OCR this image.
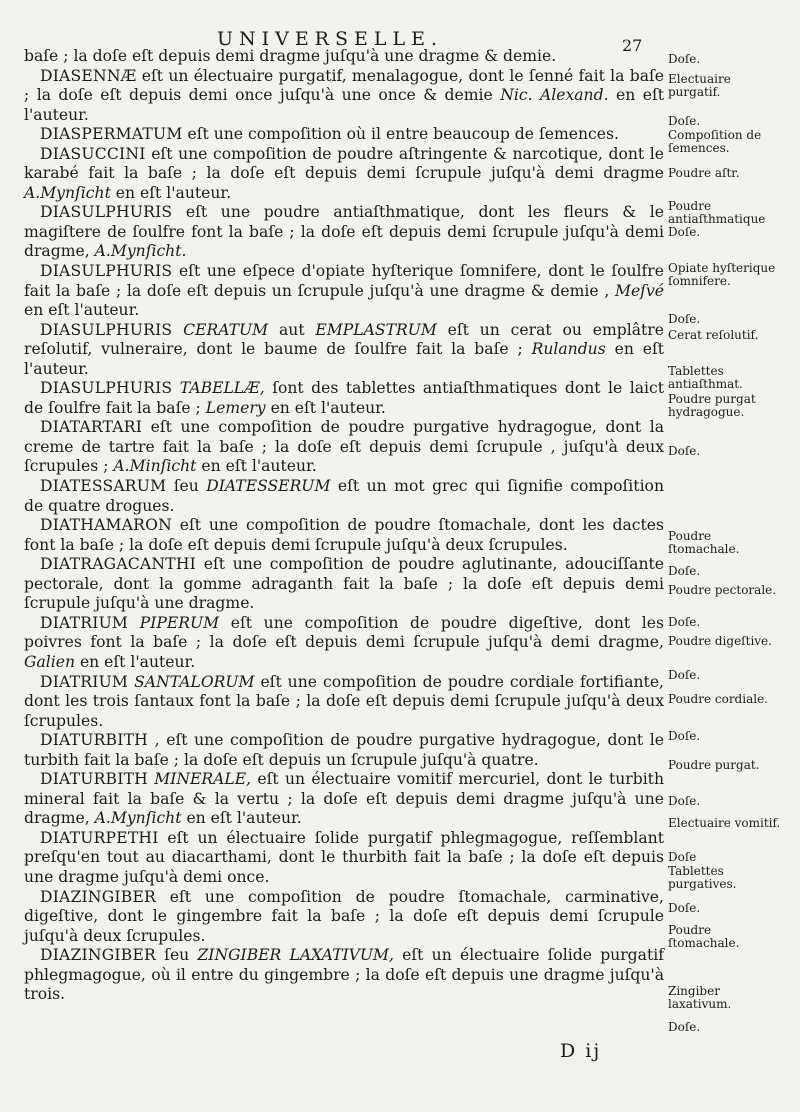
UNIVERSELLE.	27

baſe ; la doſe eſt depuis demi dragme juſqu'à une dragme & demie.

DIASENNÆ eſt un électuaire purgatif, menalagogue, dont le ſenné fait la baſe ; la doſe eſt depuis demi once juſqu'à une once & demie Nic. Alexand. en eſt l'auteur.

DIASPERMATUM eſt une compoſition où il entre beaucoup de ſemences.

DIASUCCINI eſt une compoſition de poudre aſtringente & narcotique, dont le karabé fait la baſe ; la doſe eſt depuis demi ſcrupule juſqu'à demi dragme A.Mynſicht en eſt l'auteur.

DIASULPHURIS eſt une poudre antiaſthmatique, dont les fleurs & le magiſtere de ſoulfre font la baſe ; la doſe eſt depuis demi ſcrupule juſqu'à demi dragme, A.Mynſicht.

DIASULPHURIS eſt une eſpece d'opiate hyſterique ſomnifere, dont le ſoulfre fait la baſe ; la doſe eſt depuis un ſcrupule juſqu'à une dragme & demie , Meſvé en eſt l'auteur.

DIASULPHURIS CERATUM aut EMPLASTRUM eſt un cerat ou emplâtre reſolutif, vulneraire, dont le baume de ſoulfre fait la baſe ; Rulandus en eſt l'auteur.

DIASULPHURIS TABELLÆ, ſont des tablettes antiaſthmatiques dont le laict de ſoulfre fait la baſe ; Lemery en eſt l'auteur.

DIATARTARI eſt une compoſition de poudre purgative hydragogue, dont la creme de tartre fait la baſe ; la doſe eſt depuis demi ſcrupule , juſqu'à deux ſcrupules ; A.Minſicht en eſt l'auteur.

DIATESSARUM ſeu DIATESSERUM eſt un mot grec qui ſignifie compoſition de quatre drogues.

DIATHAMARON eſt une compoſition de poudre ſtomachale, dont les dactes font la baſe ; la doſe eſt depuis demi ſcrupule juſqu'à deux ſcrupules.

DIATRAGACANTHI eſt une compoſition de poudre aglutinante, adouciſſante pectorale, dont la gomme adraganth fait la baſe ; la doſe eſt depuis demi ſcrupule juſqu'à une dragme.

DIATRIUM PIPERUM eſt une compoſition de poudre digeſtive, dont les poivres font la baſe ; la doſe eſt depuis demi ſcrupule juſqu'à demi dragme, Galien en eſt l'auteur.

DIATRIUM SANTALORUM eſt une compoſition de poudre cordiale fortifiante, dont les trois ſantaux font la baſe ; la doſe eſt depuis demi ſcrupule juſqu'à deux ſcrupules.

DIATURBITH , eſt une compoſition de poudre purgative hydragogue, dont le turbith fait la baſe ; la doſe eſt depuis un ſcrupule juſqu'à quatre.

DIATURBITH MINERALE, eſt un électuaire vomitif mercuriel, dont le turbith mineral fait la baſe & la vertu ; la doſe eſt depuis demi dragme juſqu'à une dragme, A.Mynſicht en eſt l'auteur.

DIATURPETHI eſt un électuaire ſolide purgatif phlegmagogue, reſſemblant preſqu'en tout au diacarthami, dont le thurbith fait la baſe ; la doſe eſt depuis une dragme juſqu'à demi once.

DIAZINGIBER eſt une compoſition de poudre ſtomachale, carminative, digeſtive, dont le gingembre fait la baſe ; la doſe eſt depuis demi ſcrupule juſqu'à deux ſcrupules.

DIAZINGIBER ſeu ZINGIBER LAXATIVUM, eſt un électuaire ſolide purgatif phlegmagogue, où il entre du gingembre ; la doſe eſt depuis une dragme juſqu'à trois.

Doſe.
Electuaire purgatif.
Doſe.
Compoſition de ſemences.
Poudre aſtr.
Poudre antiaſthmatique Doſe.
Opiate hyſterique ſomnifere.
Doſe.
Cerat reſolutif.
Tablettes antiaſthmat.
Poudre purgat hydragogue.
Doſe.
Poudre ſtomachale.
Doſe.
Poudre pectorale.
Doſe.
Poudre digeſtive.
Doſe.
Poudre cordiale.
Doſe.
Poudre purgat.
Doſe.
Electuaire vomitif.
Doſe
Tablettes purgatives.
Doſe.
Poudre ſtomachale.
Zingiber laxativum.
Doſe.
D ij
